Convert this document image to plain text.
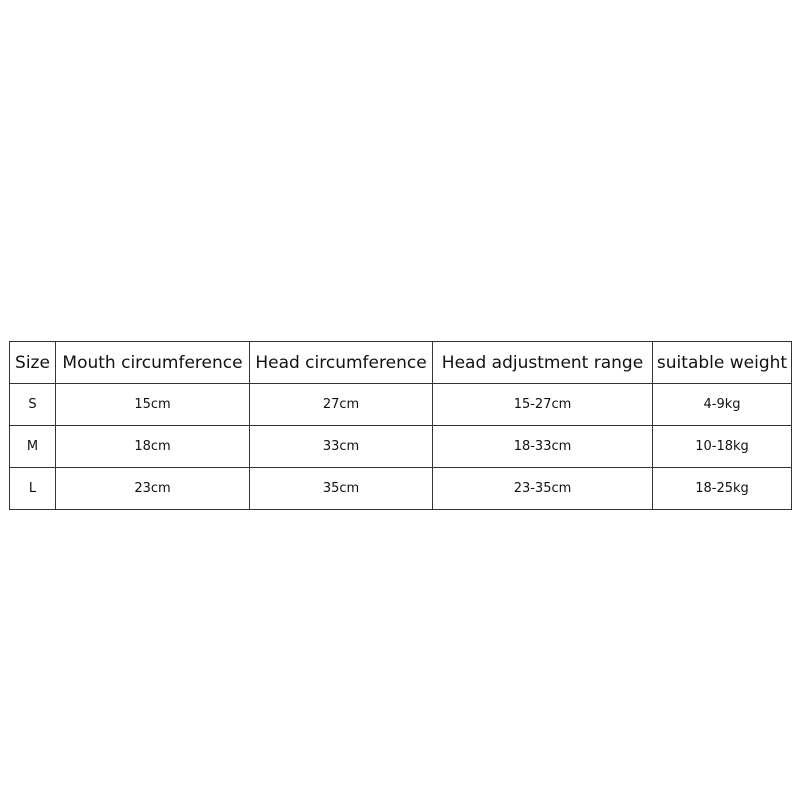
Size	Mouth circumference	Head circumference	Head adjustment range	suitable weight
S	15cm	27cm	15-27cm	4-9kg
M	18cm	33cm	18-33cm	10-18kg
L	23cm	35cm	23-35cm	18-25kg
